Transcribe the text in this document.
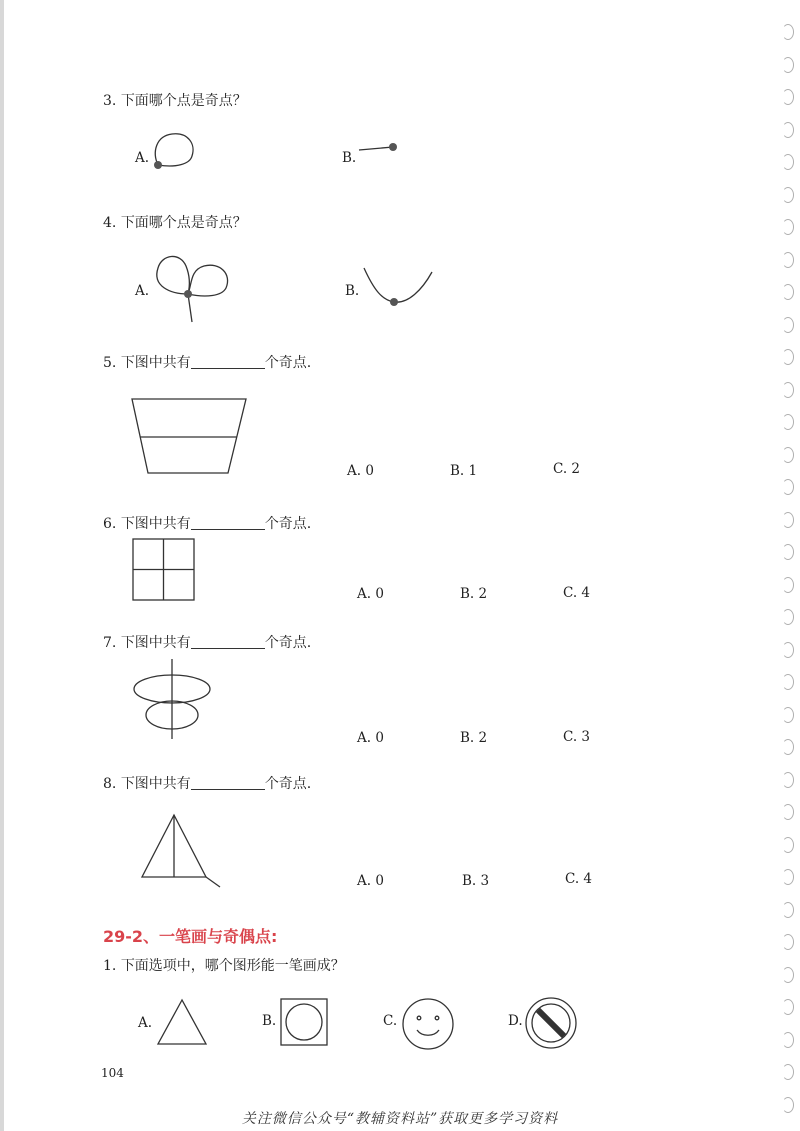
3. 下面哪个点是奇点？
A.	B.
4. 下面哪个点是奇点？
A.	B.
5. 下图中共有	个奇点.
A. 0	B. 1	C. 2
6. 下图中共有	个奇点.
A. 0	B. 2	C. 4
7. 下图中共有	个奇点.
A. 0	B. 2	C. 3
8. 下图中共有	个奇点.
A. 0	B. 3	C. 4
29-2、一笔画与奇偶点:
1. 下面选项中，哪个图形能一笔画成？
A.	B.	C.	D.
104
关注微信公众号“教辅资料站”获取更多学习资料
